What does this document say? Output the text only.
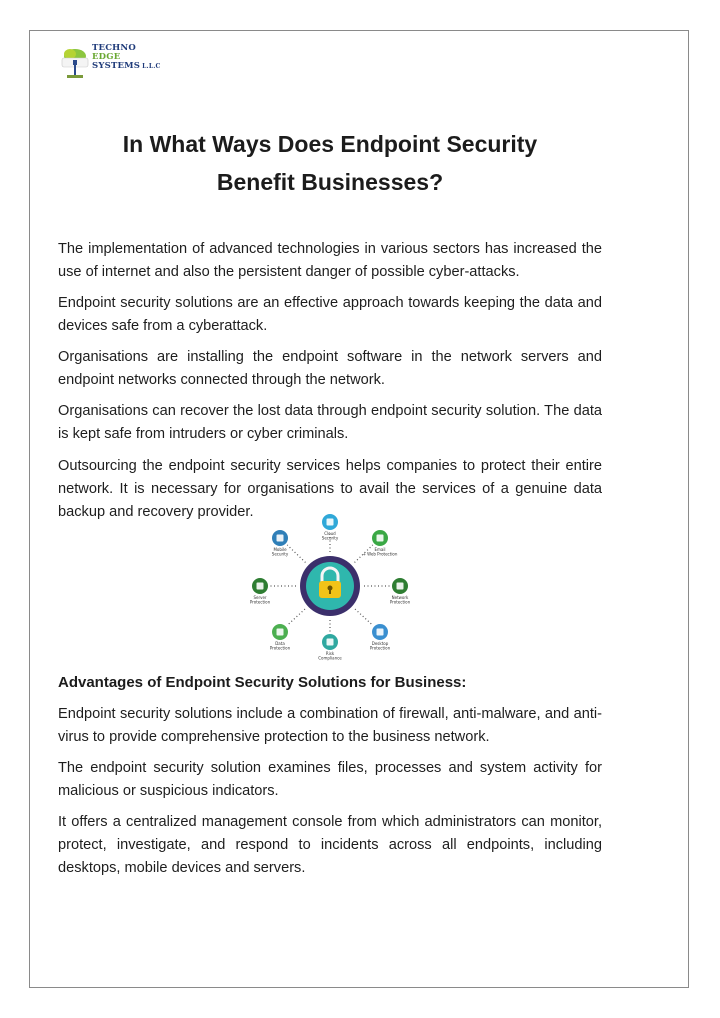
TECHNO
EDGE
SYSTEMS L.L.C
In What Ways Does Endpoint Security
Benefit Businesses?

The implementation of advanced technologies in various sectors has increased the use of internet and also the persistent danger of possible cyber-attacks.

Endpoint security solutions are an effective approach towards keeping the data and devices safe from a cyberattack.

Organisations are installing the endpoint software in the network servers and endpoint networks connected through the network.

Organisations can recover the lost data through endpoint security solution. The data is kept safe from intruders or cyber criminals.

Outsourcing the endpoint security services helps companies to protect their entire network. It is necessary for organisations to avail the services of a genuine data backup and recovery provider.

Cloud Security
Email + Web Protection
Network Protection
Desktop Protection
Risk Compliance
Data Protection
Server Protection
Mobile Security
Advantages of Endpoint Security Solutions for Business:

Endpoint security solutions include a combination of firewall, anti-malware, and anti-virus to provide comprehensive protection to the business network.

The endpoint security solution examines files, processes and system activity for malicious or suspicious indicators.

It offers a centralized management console from which administrators can monitor, protect, investigate, and respond to incidents across all endpoints, including desktops, mobile devices and servers.
